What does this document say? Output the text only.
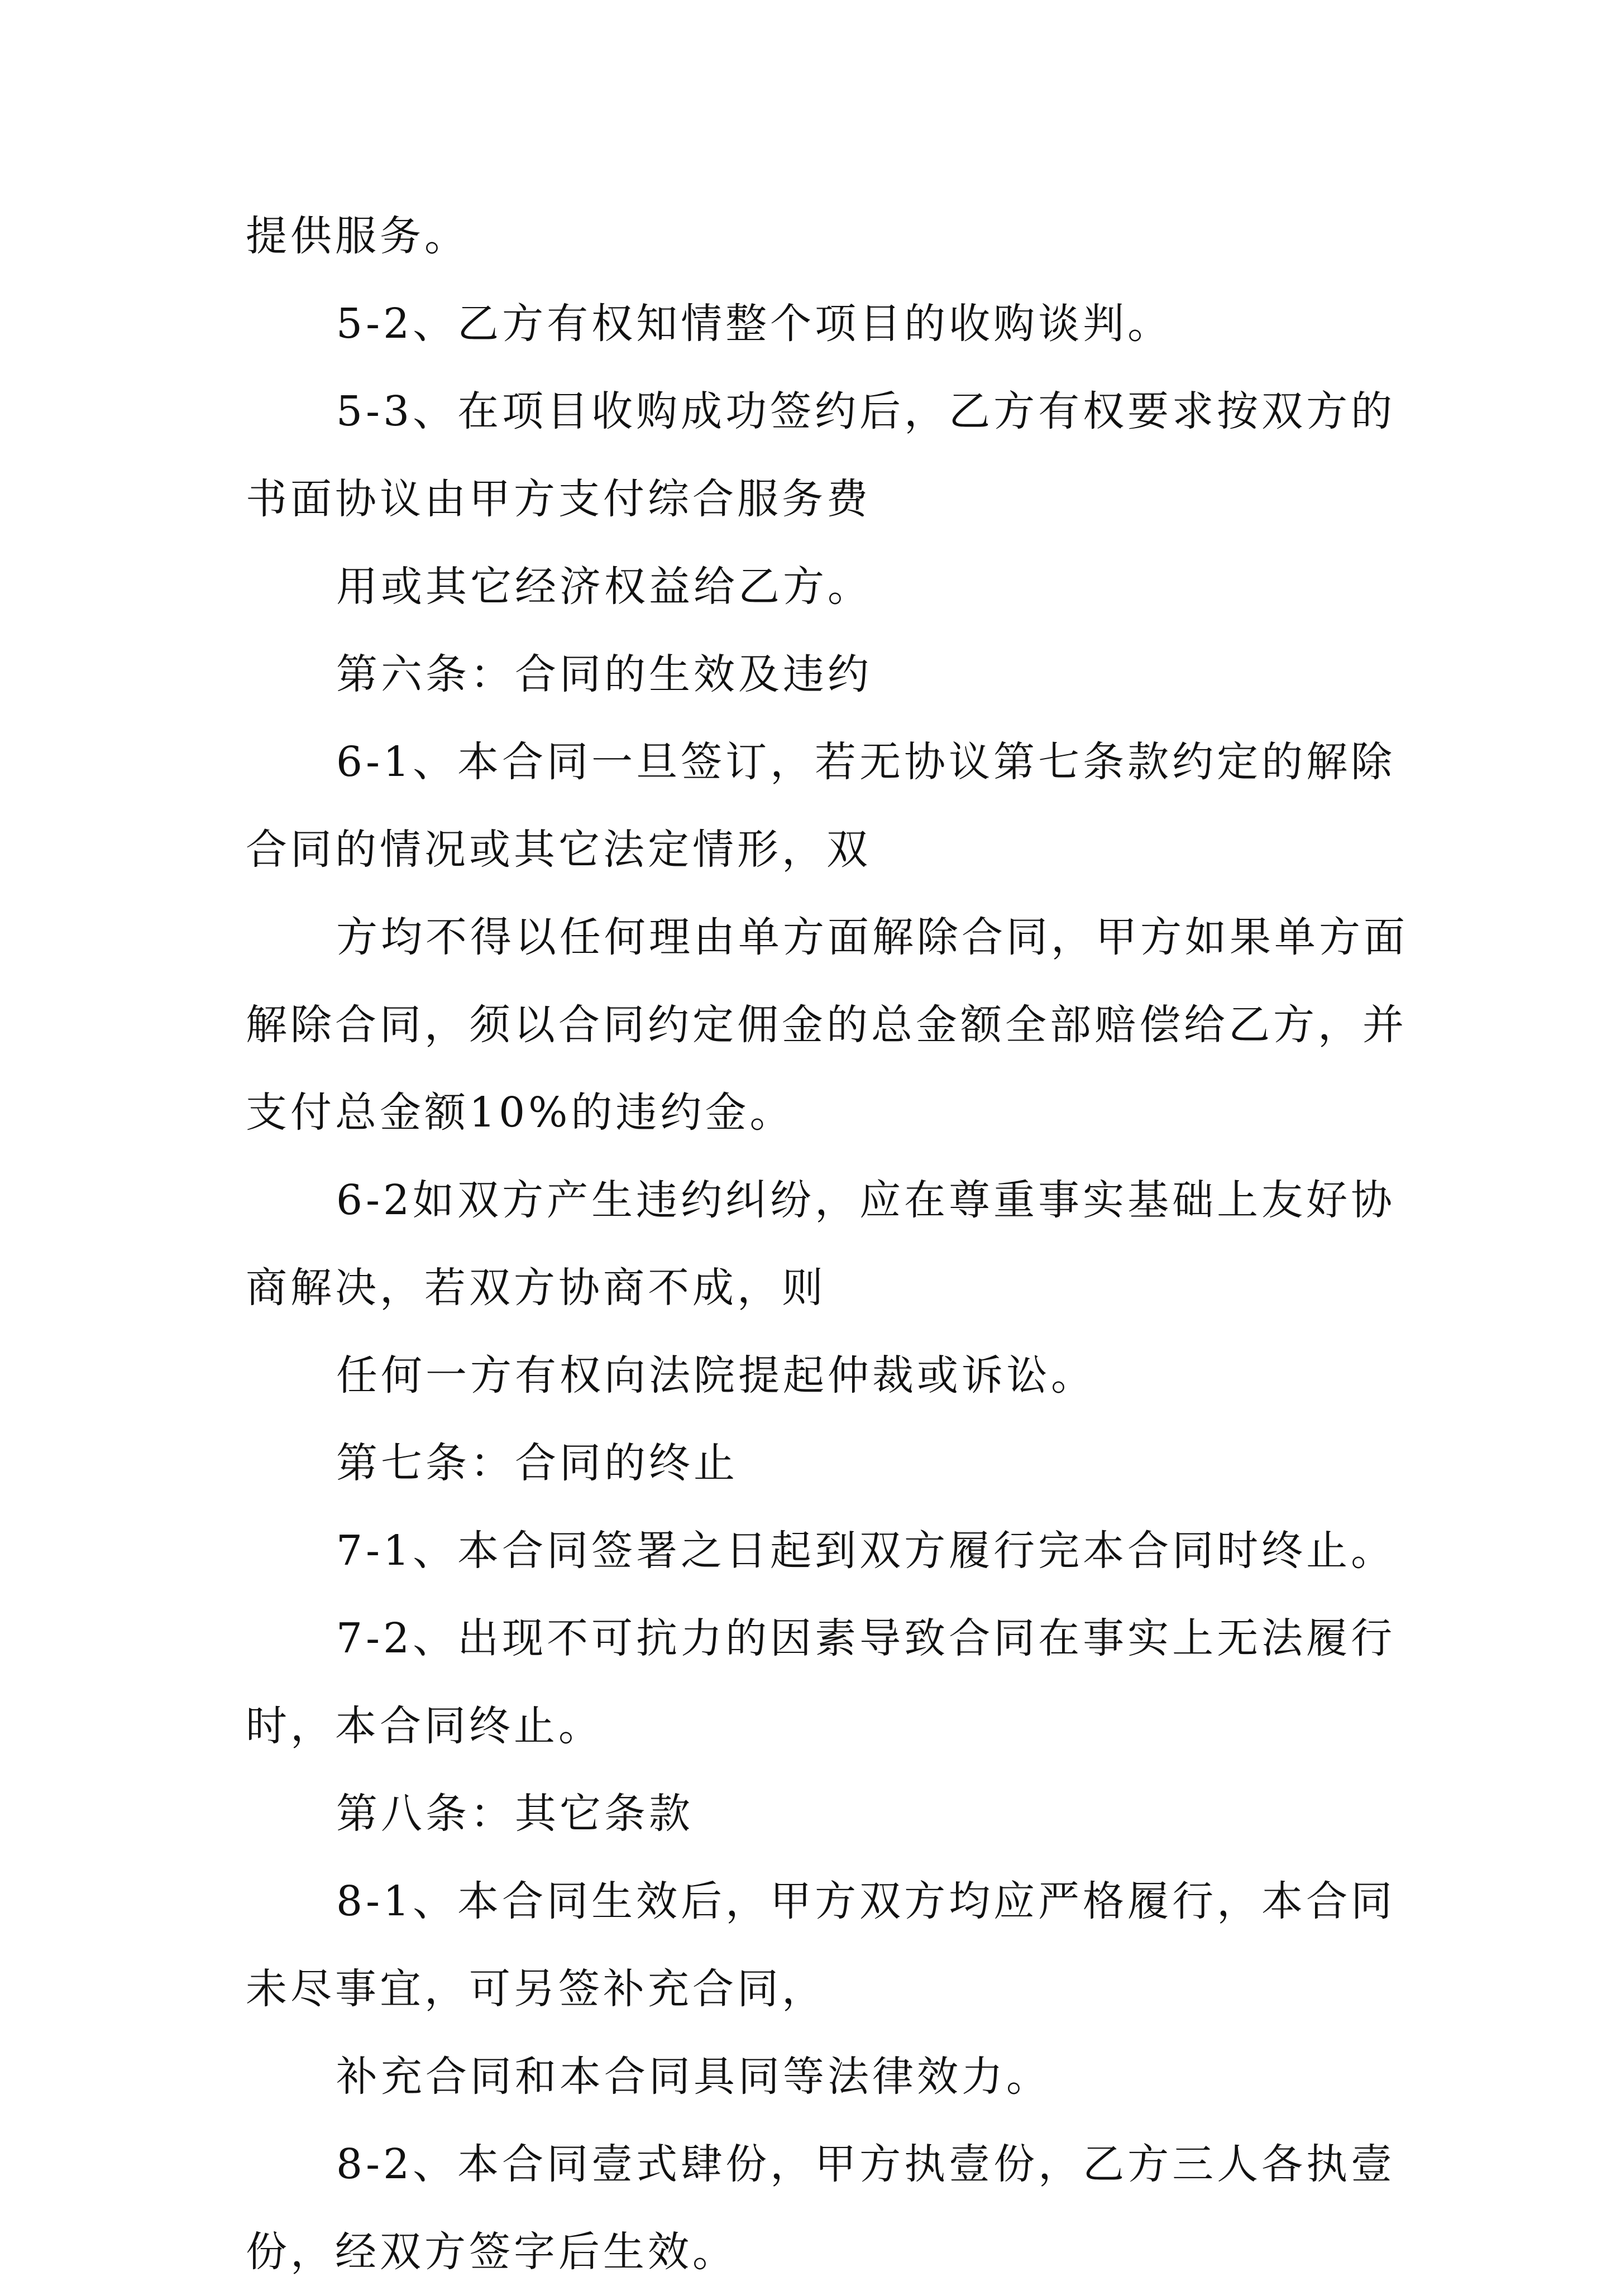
提供服务。
5-2、乙方有权知情整个项目的收购谈判。
5-3、在项目收购成功签约后，乙方有权要求按双方的
书面协议由甲方支付综合服务费
用或其它经济权益给乙方。
第六条：合同的生效及违约
6-1、本合同一旦签订，若无协议第七条款约定的解除
合同的情况或其它法定情形，双
方均不得以任何理由单方面解除合同，甲方如果单方面
解除合同，须以合同约定佣金的总金额全部赔偿给乙方，并
支付总金额10%的违约金。
6-2如双方产生违约纠纷，应在尊重事实基础上友好协
商解决，若双方协商不成，则
任何一方有权向法院提起仲裁或诉讼。
第七条：合同的终止
7-1、本合同签署之日起到双方履行完本合同时终止。
7-2、出现不可抗力的因素导致合同在事实上无法履行
时，本合同终止。
第八条：其它条款
8-1、本合同生效后，甲方双方均应严格履行，本合同
未尽事宜，可另签补充合同，
补充合同和本合同具同等法律效力。
8-2、本合同壹式肆份，甲方执壹份，乙方三人各执壹
份，经双方签字后生效。
